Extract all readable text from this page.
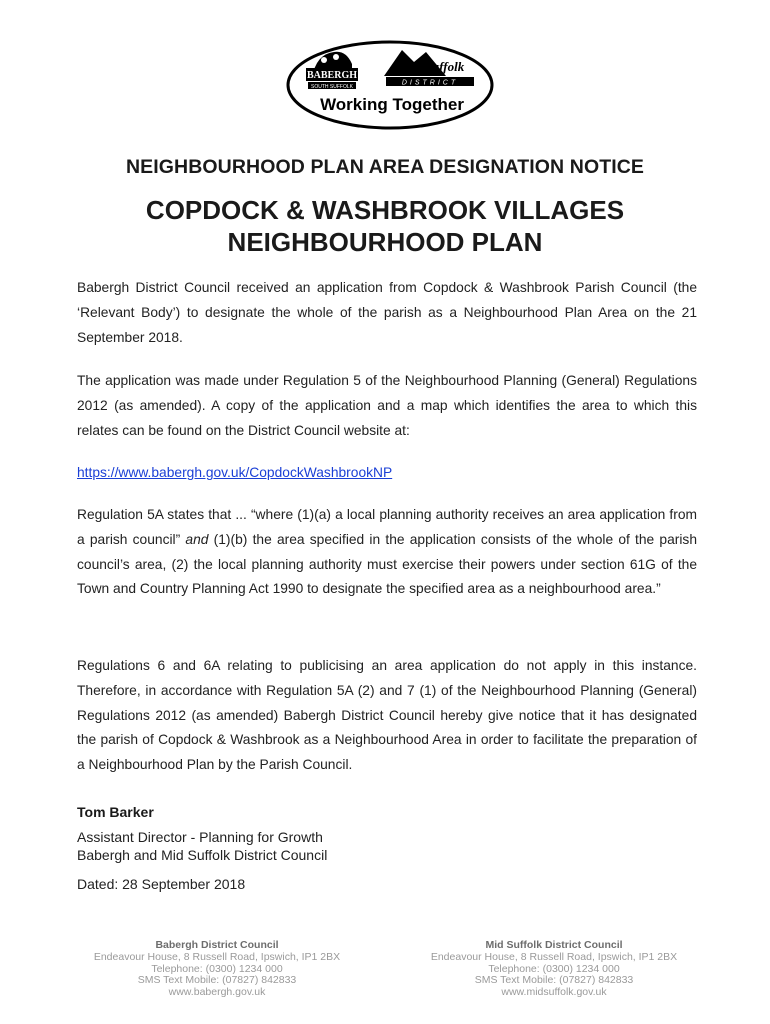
BABERGH
SOUTH SUFFOLK
Mid Suffolk
DISTRICT
Working Together
NEIGHBOURHOOD PLAN AREA DESIGNATION NOTICE
COPDOCK & WASHBROOK VILLAGES
NEIGHBOURHOOD PLAN

Babergh District Council received an application from Copdock & Washbrook Parish Council (the ‘Relevant Body’) to designate the whole of the parish as a Neighbourhood Plan Area on the 21 September 2018.

The application was made under Regulation 5 of the Neighbourhood Planning (General) Regulations 2012 (as amended). A copy of the application and a map which identifies the area to which this relates can be found on the District Council website at:

https://www.babergh.gov.uk/CopdockWashbrookNP

Regulation 5A states that ... “where (1)(a) a local planning authority receives an area application from a parish council” and (1)(b) the area specified in the application consists of the whole of the parish council’s area, (2) the local planning authority must exercise their powers under section 61G of the Town and Country Planning Act 1990 to designate the specified area as a neighbourhood area.”

Regulations 6 and 6A relating to publicising an area application do not apply in this instance. Therefore, in accordance with Regulation 5A (2) and 7 (1) of the Neighbourhood Planning (General) Regulations 2012 (as amended) Babergh District Council hereby give notice that it has designated the parish of Copdock & Washbrook as a Neighbourhood Area in order to facilitate the preparation of a Neighbourhood Plan by the Parish Council.

Tom Barker

Assistant Director - Planning for Growth

Babergh and Mid Suffolk District Council

Dated: 28 September 2018

Babergh District Council
Endeavour House, 8 Russell Road, Ipswich, IP1 2BX
Telephone: (0300) 1234 000
SMS Text Mobile: (07827) 842833
www.babergh.gov.uk
Mid Suffolk District Council
Endeavour House, 8 Russell Road, Ipswich, IP1 2BX
Telephone: (0300) 1234 000
SMS Text Mobile: (07827) 842833
www.midsuffolk.gov.uk
